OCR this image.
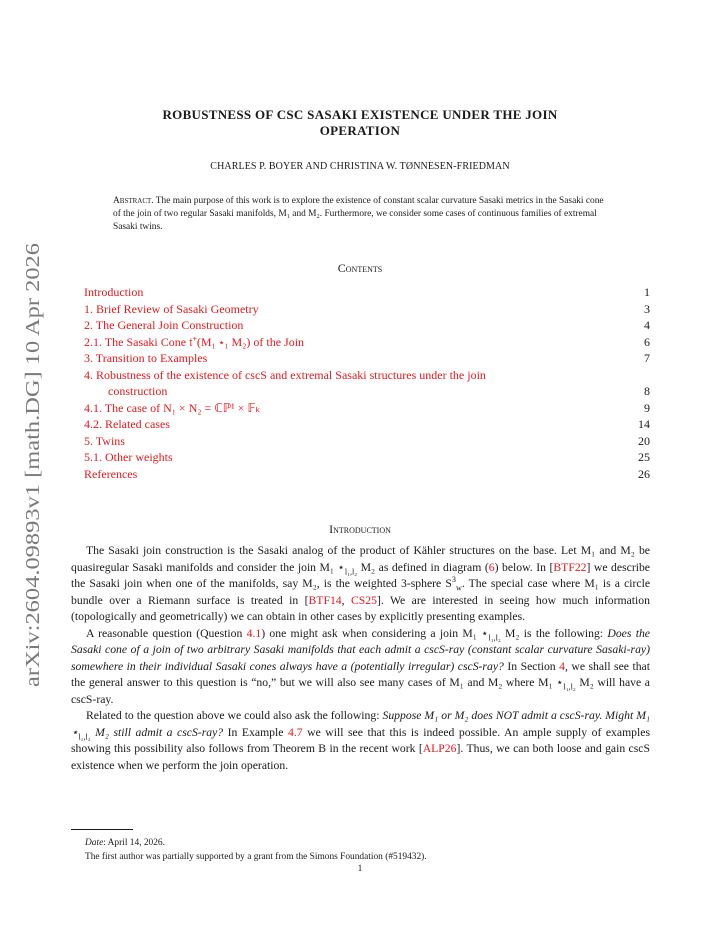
arXiv:2604.09893v1 [math.DG] 10 Apr 2026
ROBUSTNESS OF CSC SASAKI EXISTENCE UNDER THE JOIN
OPERATION
CHARLES P. BOYER AND CHRISTINA W. TØNNESEN-FRIEDMAN
Abstract. The main purpose of this work is to explore the existence of constant scalar curvature Sasaki metrics in the Sasaki cone of the join of two regular Sasaki manifolds, M₁ and M₂. Furthermore, we consider some cases of continuous families of extremal Sasaki twins.
Contents
Introduction	1
1. Brief Review of Sasaki Geometry	3
2. The General Join Construction	4
2.1. The Sasaki Cone 𝔱⁺(M₁ ⋆₁ M₂) of the Join	6
3. Transition to Examples	7
4. Robustness of the existence of cscS and extremal Sasaki structures under the join
construction	8
4.1. The case of N₁ × N₂ = ℂℙ¹ × 𝔽ₖ	9
4.2. Related cases	14
5. Twins	20
5.1. Other weights	25
References	26
Introduction

The Sasaki join construction is the Sasaki analog of the product of Kähler structures on the base. Let M₁ and M₂ be quasiregular Sasaki manifolds and consider the join M₁ $⋆_{l_1,l_2}$ M₂ as defined in diagram (6) below. In [BTF22] we describe the Sasaki join when one of the manifolds, say M₂, is the weighted 3-sphere $S^3_w$. The special case where M₁ is a circle bundle over a Riemann surface is treated in [BTF14, CS25]. We are interested in seeing how much information (topologically and geometrically) we can obtain in other cases by explicitly presenting examples.

A reasonable question (Question 4.1) one might ask when considering a join M₁ $⋆_{l_1,l_2}$ M₂ is the following: Does the Sasaki cone of a join of two arbitrary Sasaki manifolds that each admit a cscS-ray (constant scalar curvature Sasaki-ray) somewhere in their individual Sasaki cones always have a (potentially irregular) cscS-ray? In Section 4, we shall see that the general answer to this question is “no,” but we will also see many cases of M₁ and M₂ where M₁ $⋆_{l_1,l_2}$ M₂ will have a cscS-ray.

Related to the question above we could also ask the following: Suppose M₁ or M₂ does NOT admit a cscS-ray. Might M₁ $⋆_{l_1,l_2}$ M₂ still admit a cscS-ray? In Example 4.7 we will see that this is indeed possible. An ample supply of examples showing this possibility also follows from Theorem B in the recent work [ALP26]. Thus, we can both loose and gain cscS existence when we perform the join operation.

Date: April 14, 2026.
The first author was partially supported by a grant from the Simons Foundation (#519432).
1
